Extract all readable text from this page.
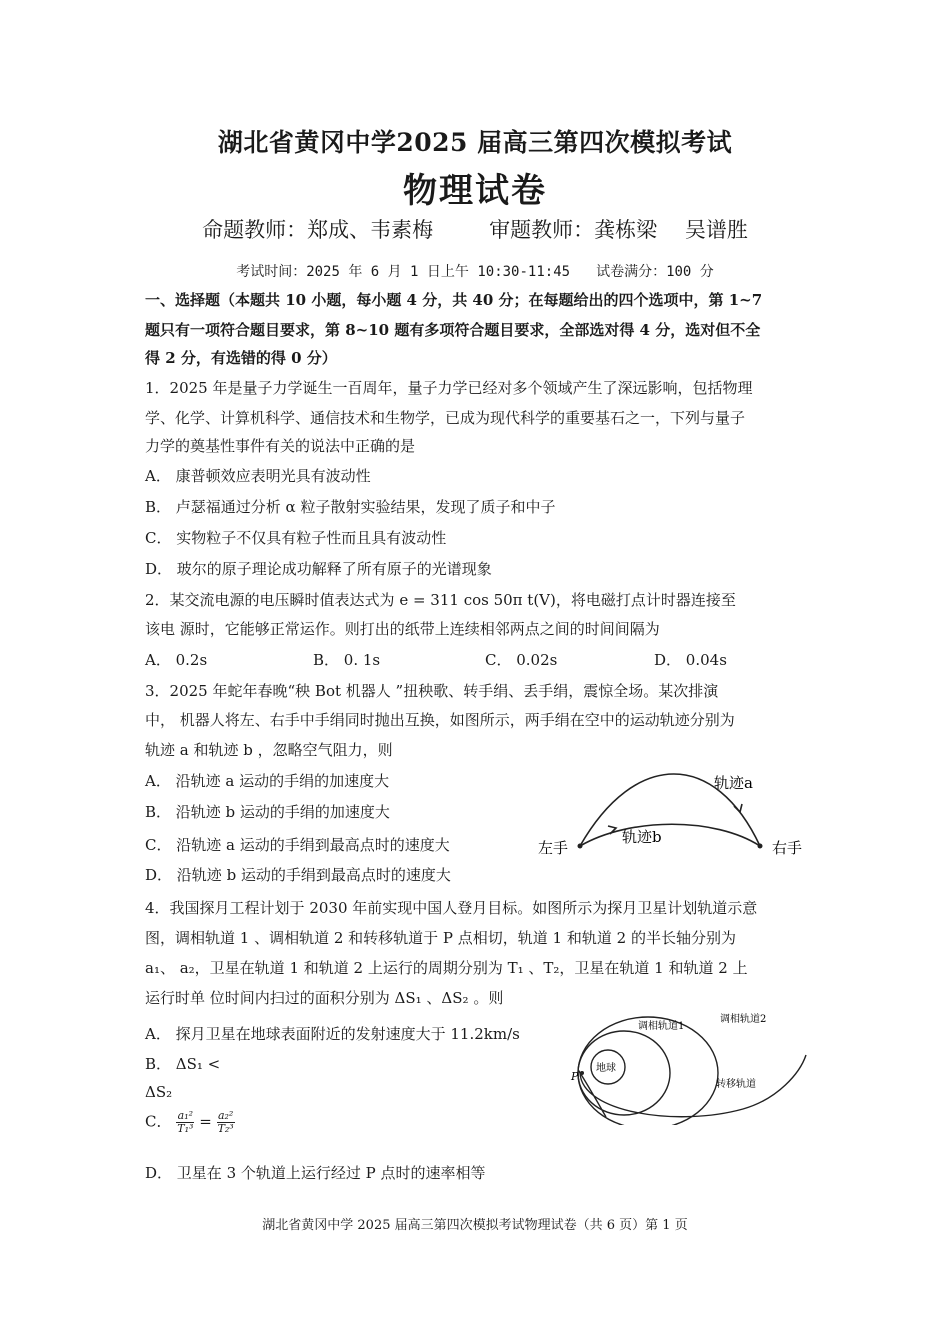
湖北省黄冈中学2025 届高三第四次模拟考试
物理试卷
命题教师：郑成、韦素梅	审题教师：龚栋梁　 吴谱胜
考试时间：2025 年 6 月 1 日上午 10:30-11:45 试卷满分：100 分
一、选择题（本题共 10 小题，每小题 4 分，共 40 分；在每题给出的四个选项中，第 1~7
题只有一项符合题目要求，第 8~10 题有多项符合题目要求，全部选对得 4 分，选对但不全
得 2 分，有选错的得 0 分）
1．2025 年是量子力学诞生一百周年，量子力学已经对多个领域产生了深远影响，包括物理
学、化学、计算机科学、通信技术和生物学，已成为现代科学的重要基石之一，下列与量子
力学的奠基性事件有关的说法中正确的是
A． 康普顿效应表明光具有波动性
B． 卢瑟福通过分析 α 粒子散射实验结果，发现了质子和中子
C． 实物粒子不仅具有粒子性而且具有波动性
D． 玻尔的原子理论成功解释了所有原子的光谱现象
2．某交流电源的电压瞬时值表达式为 e = 311 cos 50π t(V)，将电磁打点计时器连接至
该电 源时，它能够正常运作。则打出的纸带上连续相邻两点之间的时间间隔为
A． 0.2s	B． 0. 1s	C． 0.02s	D． 0.04s
3．2025 年蛇年春晚“秧 Bot 机器人 ”扭秧歌、转手绢、丢手绢，震惊全场。某次排演
中， 机器人将左、右手中手绢同时抛出互换，如图所示，两手绢在空中的运动轨迹分别为
轨迹 a 和轨迹 b ，忽略空气阻力，则
A． 沿轨迹 a 运动的手绢的加速度大
B． 沿轨迹 b 运动的手绢的加速度大
C． 沿轨迹 a 运动的手绢到最高点时的速度大
D． 沿轨迹 b 运动的手绢到最高点时的速度大
轨迹a
轨迹b
左手	右手
4．我国探月工程计划于 2030 年前实现中国人登月目标。如图所示为探月卫星计划轨道示意
图，调相轨道 1 、调相轨道 2 和转移轨道于 P 点相切，轨道 1 和轨道 2 的半长轴分别为
a₁、 a₂，卫星在轨道 1 和轨道 2 上运行的周期分别为 T₁ 、T₂，卫星在轨道 1 和轨道 2 上
运行时单 位时间内扫过的面积分别为 ΔS₁ 、ΔS₂ 。则
A． 探月卫星在地球表面附近的发射速度大于 11.2km/s
B． ΔS₁ <
ΔS₂
C． $\frac{\text{a₁²}}{\text{T₁³}} = \frac{\text{a₂²}}{\text{T₂³}}$
D． 卫星在 3 个轨道上运行经过 P 点时的速率相等
调相轨道1
调相轨道2
转移轨道
地球
P
湖北省黄冈中学 2025 届高三第四次模拟考试物理试卷（共 6 页）第 1 页
